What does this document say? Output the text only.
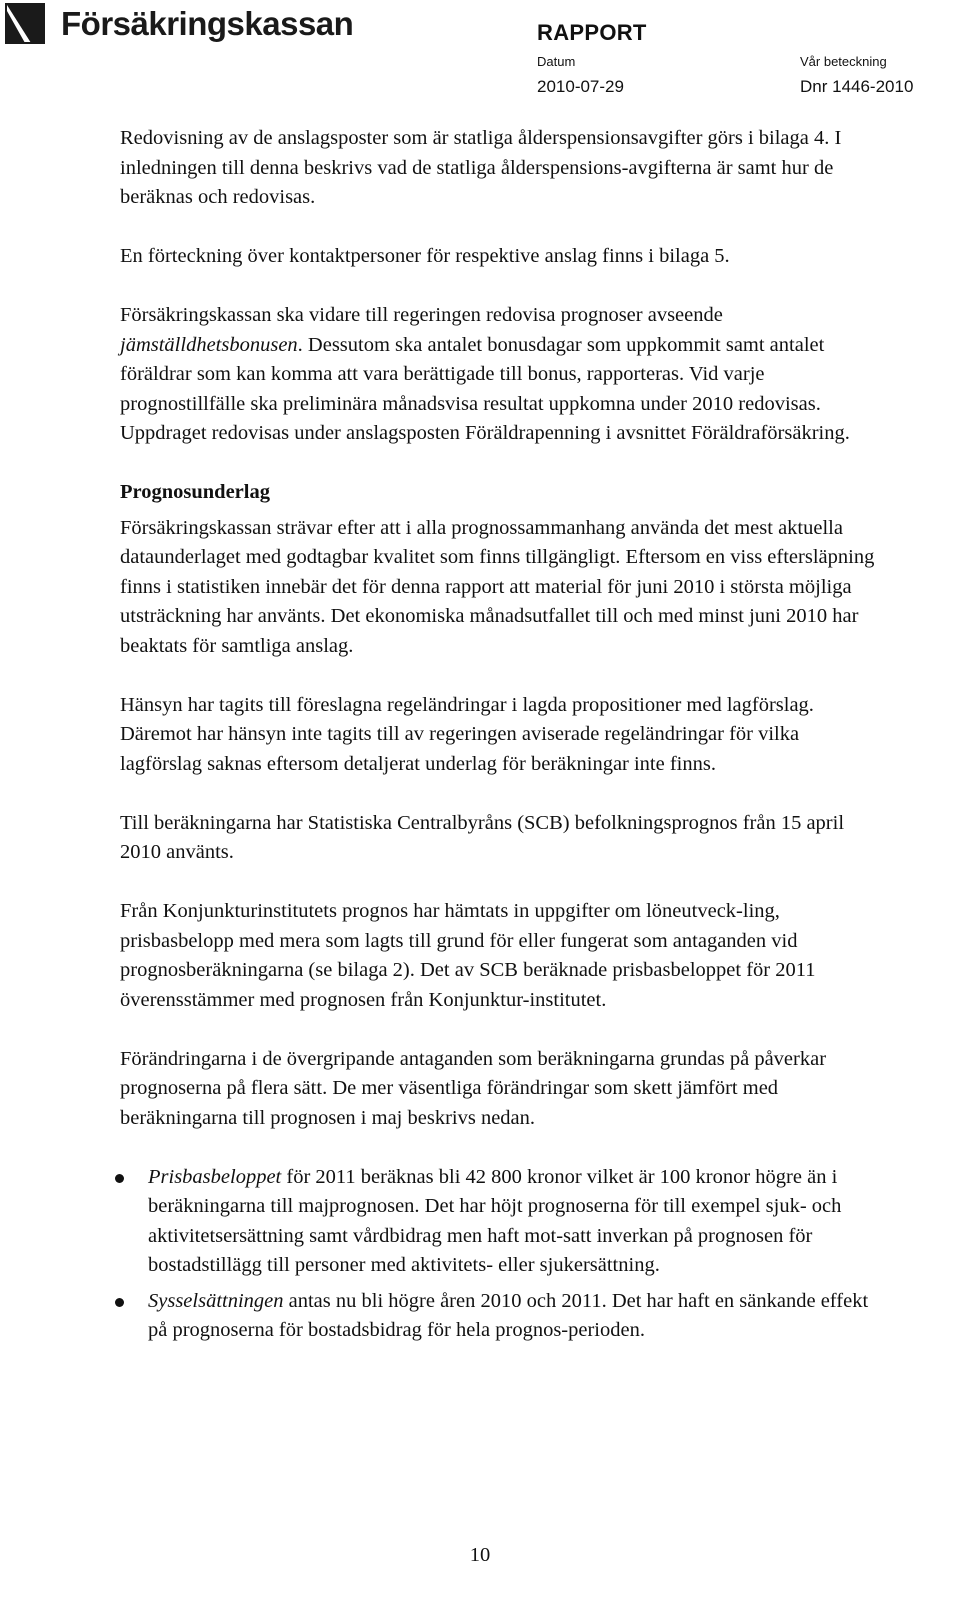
Försäkringskassan	RAPPORT
Datum	Vår beteckning
2010-07-29	Dnr 1446-2010

Redovisning av de anslagsposter som är statliga ålderspensionsavgifter görs i bilaga 4. I inledningen till denna beskrivs vad de statliga ålderspensions-avgifterna är samt hur de beräknas och redovisas.

En förteckning över kontaktpersoner för respektive anslag finns i bilaga 5.

Försäkringskassan ska vidare till regeringen redovisa prognoser avseende jämställdhetsbonusen. Dessutom ska antalet bonusdagar som uppkommit samt antalet föräldrar som kan komma att vara berättigade till bonus, rapporteras. Vid varje prognostillfälle ska preliminära månadsvisa resultat uppkomna under 2010 redovisas. Uppdraget redovisas under anslagsposten Föräldrapenning i avsnittet Föräldraförsäkring.

Prognosunderlag

Försäkringskassan strävar efter att i alla prognossammanhang använda det mest aktuella dataunderlaget med godtagbar kvalitet som finns tillgängligt. Eftersom en viss eftersläpning finns i statistiken innebär det för denna rapport att material för juni 2010 i största möjliga utsträckning har använts. Det ekonomiska månadsutfallet till och med minst juni 2010 har beaktats för samtliga anslag.

Hänsyn har tagits till föreslagna regeländringar i lagda propositioner med lagförslag. Däremot har hänsyn inte tagits till av regeringen aviserade regeländringar för vilka lagförslag saknas eftersom detaljerat underlag för beräkningar inte finns.

Till beräkningarna har Statistiska Centralbyråns (SCB) befolkningsprognos från 15 april 2010 använts.

Från Konjunkturinstitutets prognos har hämtats in uppgifter om löneutveck-ling, prisbasbelopp med mera som lagts till grund för eller fungerat som antaganden vid prognosberäkningarna (se bilaga 2). Det av SCB beräknade prisbasbeloppet för 2011 överensstämmer med prognosen från Konjunktur-institutet.

Förändringarna i de övergripande antaganden som beräkningarna grundas på påverkar prognoserna på flera sätt. De mer väsentliga förändringar som skett jämfört med beräkningarna till prognosen i maj beskrivs nedan.

Prisbasbeloppet för 2011 beräknas bli 42 800 kronor vilket är 100 kronor högre än i beräkningarna till majprognosen. Det har höjt prognoserna för till exempel sjuk- och aktivitetsersättning samt vårdbidrag men haft mot-satt inverkan på prognosen för bostadstillägg till personer med aktivitets- eller sjukersättning.
Sysselsättningen antas nu bli högre åren 2010 och 2011. Det har haft en sänkande effekt på prognoserna för bostadsbidrag för hela prognos-perioden.
10
